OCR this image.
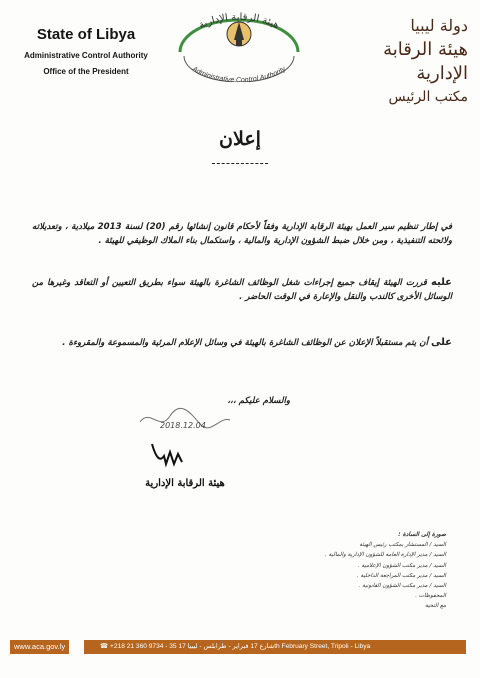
State of Libya
Administrative Control Authority
Office of the President
هيئة الرقابة الإدارية
Administrative Control Authority
دولة ليبيا
هيئة الرقابة الإدارية
مكتب الرئيس
إعلان
في إطار تنظيم سير العمل بهيئة الرقابة الإدارية وفقاً لأحكام قانون إنشائها رقم (20) لسنة 2013 ميلادية ، وتعديلاته ولائحته التنفيذية ، ومن خلال ضبط الشؤون الإدارية والمالية ، واستكمال بناء الملاك الوظيفي للهيئة .
عليه قررت الهيئة إيقاف جميع إجراءات شغل الوظائف الشاغرة بالهيئة سواء بطريق التعيين أو التعاقد وغيرها من الوسائل الأخرى كالندب والنقل والإعارة في الوقت الحاضر .
على أن يتم مستقبلاً الإعلان عن الوظائف الشاغرة بالهيئة في وسائل الإعلام المرئية والمسموعة والمقروءة .
والسلام عليكم ،،،
2018.12.04
هيئة الرقابة الإدارية
صورة إلى السادة :
السيد / المستشار بمكتب رئيس الهيئة
السيد / مدير الإدارة العامة للشؤون الإدارية والمالية .
السيد / مدير مكتب الشؤون الإعلامية .
السيد / مدير مكتب المراجعة الداخلية .
السيد / مدير مكتب الشؤون القانونية .
المحفوظات .
مع التحية
www.aca.gov.ly	☎ +218 21 360 9734 - 35 شارع 17 فبراير - طرابلس - ليبيا 17th February Street, Tripoli - Libya
